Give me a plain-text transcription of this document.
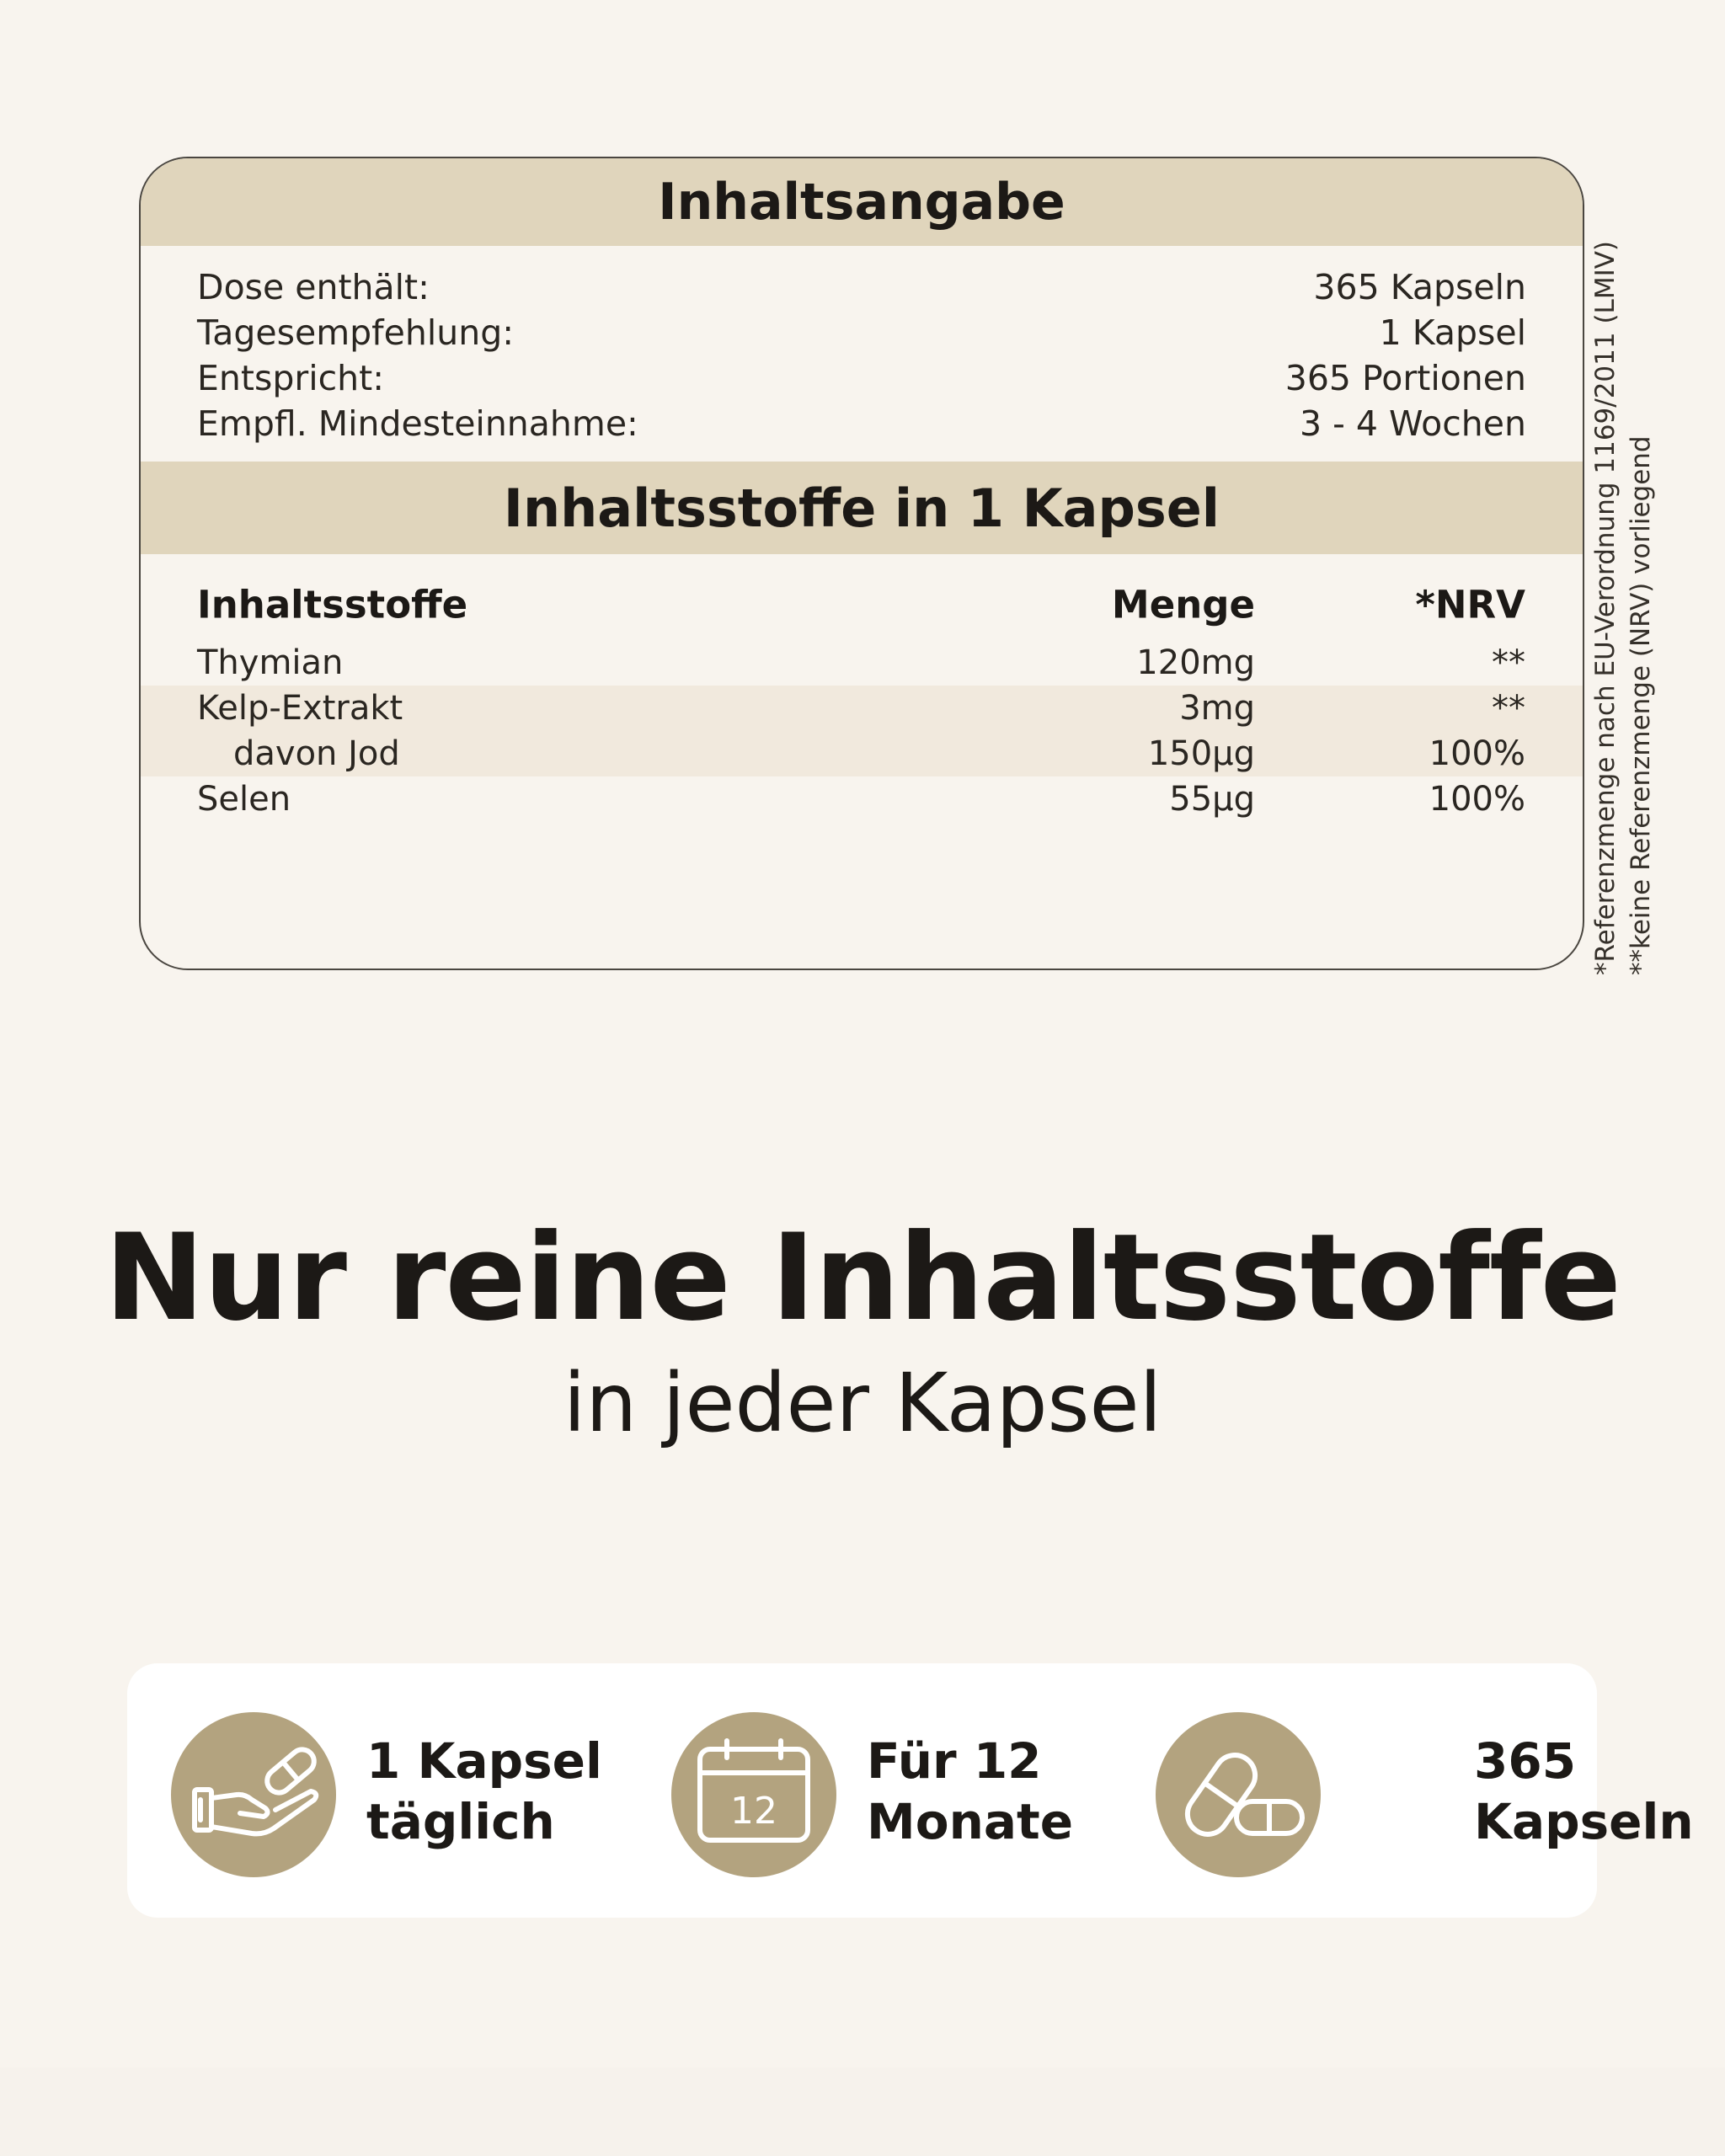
Inhaltsangabe
Dose enthält:	365 Kapseln
Tagesempfehlung:	1 Kapsel
Entspricht:	365 Portionen
Empfl. Mindesteinnahme:	3 - 4 Wochen
Inhaltsstoffe in 1 Kapsel
Inhaltsstoffe	Menge	*NRV
Thymian	120mg	**
Kelp-Extrakt	3mg	**
davon Jod	150µg	100%
Selen	55µg	100% *Referenzmenge nach EU-Verordnung 1169/2011 (LMIV) **keine Referenzmenge (NRV) vorliegend
Nur reine Inhaltsstoffe
in jeder Kapsel
1 Kapsel
täglich	12
Für 12
Monate
365
Kapseln
